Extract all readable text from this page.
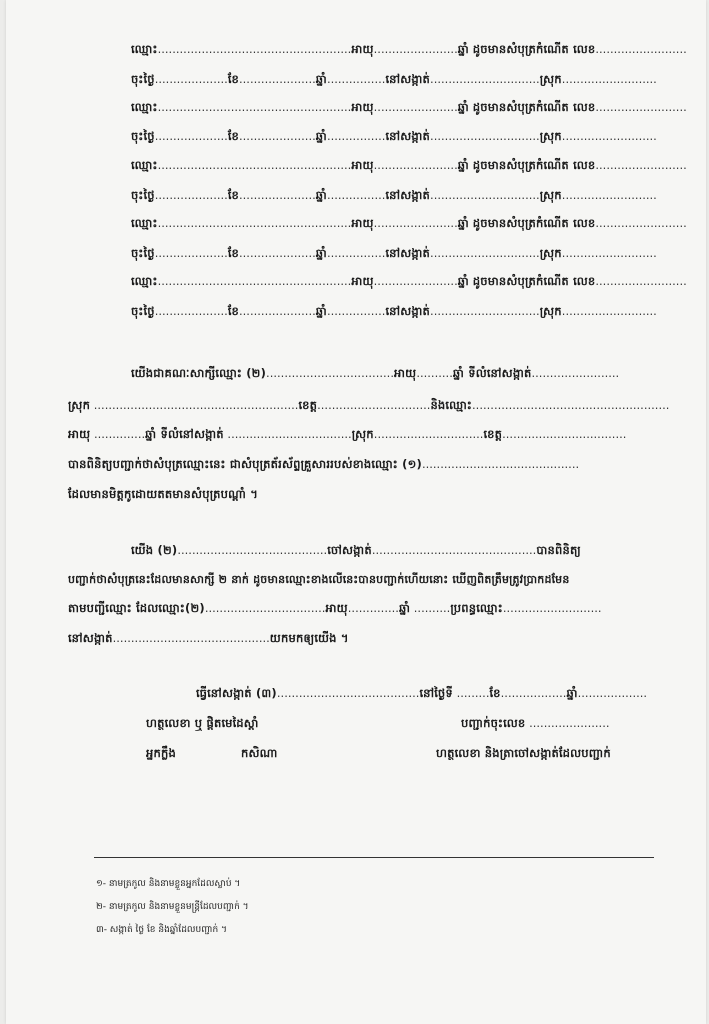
ឈ្មោះ.....................................................អាយុ.......................ឆ្នាំ ដូចមានសំបុត្រកំណើត លេខ.........................
ចុះថ្ងៃ....................ខែ.....................ឆ្នាំ................នៅសង្កាត់..............................ស្រុក..........................
ឈ្មោះ.....................................................អាយុ.......................ឆ្នាំ ដូចមានសំបុត្រកំណើត លេខ.........................
ចុះថ្ងៃ....................ខែ.....................ឆ្នាំ................នៅសង្កាត់..............................ស្រុក..........................
ឈ្មោះ.....................................................អាយុ.......................ឆ្នាំ ដូចមានសំបុត្រកំណើត លេខ.........................
ចុះថ្ងៃ....................ខែ.....................ឆ្នាំ................នៅសង្កាត់..............................ស្រុក..........................
ឈ្មោះ.....................................................អាយុ.......................ឆ្នាំ ដូចមានសំបុត្រកំណើត លេខ.........................
ចុះថ្ងៃ....................ខែ.....................ឆ្នាំ................នៅសង្កាត់..............................ស្រុក..........................
ឈ្មោះ.....................................................អាយុ.......................ឆ្នាំ ដូចមានសំបុត្រកំណើត លេខ.........................
ចុះថ្ងៃ....................ខែ.....................ឆ្នាំ................នៅសង្កាត់..............................ស្រុក..........................
យើងជាគណៈសាក្សីឈ្មោះ (២)...................................អាយុ..........ឆ្នាំ ទីលំនៅសង្កាត់........................
ស្រុក ........................................................ខេត្ត...............................និងឈ្មោះ......................................................
អាយុ ..............ឆ្នាំ ទីលំនៅសង្កាត់ ..................................ស្រុក..............................ខេត្ត..................................
បានពិនិត្យបញ្ជាក់ថាសំបុត្រឈ្មោះនេះ ជាសំបុត្រត័រស័ព្ទគ្រួសាររបស់ខាងឈ្មោះ (១)...........................................
ដែលមានមិត្តកូដោយតតមានសំបុត្របណ្ដាំ ។
យើង (២).........................................ចៅសង្កាត់.............................................បានពិនិត្យ
បញ្ជាក់ថាសំបុត្រនេះដែលមានសាក្សី ២ នាក់ ដូចមានឈ្មោះខាងលើនេះបានបញ្ជាក់ហើយនោះ ឃើញពិតត្រឹមត្រូវប្រាកដមែន
តាមបញ្ជីឈ្មោះ ដែលឈ្មោះ(២).................................អាយុ..............ឆ្នាំ ..........ប្រពន្ធឈ្មោះ...........................
នៅសង្កាត់...........................................យកមកឲ្យយើង ។
ធ្វើនៅសង្កាត់ (៣).......................................នៅថ្ងៃទី .........ខែ..................ឆ្នាំ...................
ហត្ថលេខា ឬ ផ្តិតមេដៃស្ដាំ	បញ្ជាក់ចុះលេខ ......................
អ្នកក្លឹង	កសិណា	ហត្ថលេខា និងត្រាចៅសង្កាត់ដែលបញ្ជាក់
១- នាមត្រកូល និងនាមខ្លួនអ្នកដែលស្លាប់ ។
២- នាមត្រកូល និងនាមខ្លួនមន្ត្រីដែលបញ្ជាក់ ។
៣- សង្កាត់ ថ្ងៃ ខែ និងឆ្នាំដែលបញ្ជាក់ ។
